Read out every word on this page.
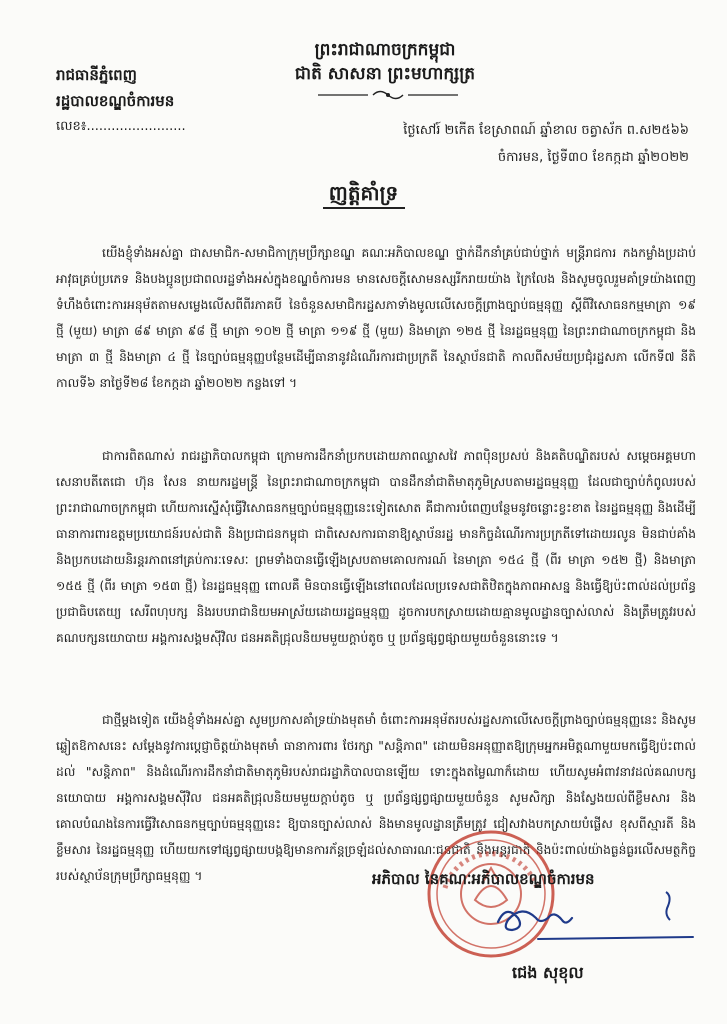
ព្រះរាជាណាចក្រកម្ពុជា
ជាតិ សាសនា ព្រះមហាក្សត្រ
រាជធានីភ្នំពេញ
រដ្ឋបាលខណ្ឌចំការមន
លេខ៖........................	ថ្ងៃសៅរ៍ ២កើត ខែស្រាពណ៍ ឆ្នាំខាល ចត្វាស័ក ព.ស២៥៦៦
ចំការមន, ថ្ងៃទី៣០ ខែកក្កដា ឆ្នាំ២០២២
ញត្តិគាំទ្រ

យើងខ្ញុំទាំងអស់គ្នា ជាសមាជិក-សមាជិកាក្រុមប្រឹក្សាខណ្ឌ គណៈអភិបាលខណ្ឌ ថ្នាក់ដឹកនាំគ្រប់ជាប់ថ្នាក់ មន្ត្រីរាជការ កងកម្លាំងប្រដាប់អាវុធគ្រប់ប្រភេទ និងបងប្អូនប្រជាពលរដ្ឋទាំងអស់ក្នុងខណ្ឌចំការមន មានសេចក្តីសោមនស្សរីករាយយ៉ាង ក្រៃលែង និងសូមចូលរួមគាំទ្រយ៉ាងពេញទំហឹងចំពោះការអនុម័តតាមសម្លេងលើសពីពីរភាគបី នៃចំនួនសមាជិករដ្ឋសភាទាំងមូលលើសេចក្តីព្រាងច្បាប់ធម្មនុញ្ញ ស្តីពីវិសោធនកម្មមាត្រា ១៩ ថ្មី (មួយ) មាត្រា ៨៩ មាត្រា ៩៨ ថ្មី មាត្រា ១០២ ថ្មី មាត្រា ១១៩ ថ្មី (មួយ) និងមាត្រា ១២៥ ថ្មី នៃរដ្ឋធម្មនុញ្ញ នៃព្រះរាជាណាចក្រកម្ពុជា និងមាត្រា ៣ ថ្មី និងមាត្រា ៤ ថ្មី នៃច្បាប់ធម្មនុញ្ញបន្ថែមដើម្បីធានានូវដំណើរការជាប្រក្រតី នៃស្ថាប័នជាតិ កាលពីសម័យប្រជុំរដ្ឋសភា លើកទី៧ នីតិកាលទី៦ នាថ្ងៃទី២៨ ខែកក្កដា ឆ្នាំ២០២២ កន្លងទៅ ។

ជាការពិតណាស់ រាជរដ្ឋាភិបាលកម្ពុជា ក្រោមការដឹកនាំប្រកបដោយភាពឈ្លាសវៃ ភាពប៉ិនប្រសប់ និងគតិបណ្ឌិតរបស់ សម្តេចអគ្គមហាសេនាបតីតេជោ ហ៊ុន សែន នាយករដ្ឋមន្ត្រី នៃព្រះរាជាណាចក្រកម្ពុជា បានដឹកនាំជាតិមាតុភូមិស្របតាមរដ្ឋធម្មនុញ្ញ ដែលជាច្បាប់កំពូលរបស់ព្រះរាជាណាចក្រកម្ពុជា ហើយការស្នើសុំធ្វើវិសោធនកម្មច្បាប់ធម្មនុញ្ញនេះទៀតសោត គឺជាការបំពេញបន្ថែមនូវចន្លោះខ្វះខាត នៃរដ្ឋធម្មនុញ្ញ និងដើម្បីធានាការពារឧត្តមប្រយោជន៍របស់ជាតិ និងប្រជាជនកម្ពុជា ជាពិសេសការធានាឱ្យស្ថាប័នរដ្ឋ មានកិច្ចដំណើរការប្រក្រតីទៅដោយរលូន មិនជាប់គាំង និងប្រកបដោយនិរន្តរភាពនៅគ្រប់ការៈទេសៈ ព្រមទាំងបានធ្វើឡើងស្របតាមគោលការណ៍ នៃមាត្រា ១៥៤ ថ្មី (ពីរ មាត្រា ១៥២ ថ្មី) និងមាត្រា ១៥៥ ថ្មី (ពីរ មាត្រា ១៥៣ ថ្មី) នៃរដ្ឋធម្មនុញ្ញ ពោលគឺ មិនបានធ្វើឡើងនៅពេលដែលប្រទេសជាតិឋិតក្នុងភាពអាសន្ន និងធ្វើឱ្យប៉ះពាល់ដល់ប្រព័ន្ធប្រជាធិបតេយ្យ សេរីពហុបក្ស និងរបបរាជានិយមអាស្រ័យដោយរដ្ឋធម្មនុញ្ញ ដូចការបកស្រាយដោយគ្មានមូលដ្ឋានច្បាស់លាស់ និងត្រឹមត្រូវរបស់គណបក្សនយោបាយ អង្គការសង្គមស៊ីវិល ជនអគតិជ្រុលនិយមមួយក្តាប់តូច ឬ ប្រព័ន្ធផ្សព្វផ្សាយមួយចំនួននោះទេ ។

ជាថ្មីម្តងទៀត យើងខ្ញុំទាំងអស់គ្នា សូមប្រកាសគាំទ្រយ៉ាងមុតមាំ ចំពោះការអនុម័តរបស់រដ្ឋសភាលើសេចក្តីព្រាងច្បាប់ធម្មនុញ្ញនេះ និងសូមឆ្លៀតឱកាសនេះ សម្តែងនូវការប្តេជ្ញាចិត្តយ៉ាងមុតមាំ ធានាការពារ ថែរក្សា "សន្តិភាព" ដោយមិនអនុញ្ញាតឱ្យក្រុមអ្នកអមិត្តណាមួយមកធ្វើឱ្យប៉ះពាល់ដល់ "សន្តិភាព" និងដំណើរការដឹកនាំជាតិមាតុភូមិរបស់រាជរដ្ឋាភិបាលបានឡើយ ទោះក្នុងតម្លៃណាក៏ដោយ ហើយសូមអំពាវនាវដល់គណបក្សនយោបាយ អង្គការសង្គមស៊ីវិល ជនអគតិជ្រុលនិយមមួយក្តាប់តូច ឬ ប្រព័ន្ធផ្សព្វផ្សាយមួយចំនួន សូមសិក្សា និងស្វែងយល់ពីខ្លឹមសារ និងគោលបំណងនៃការធ្វើវិសោធនកម្មច្បាប់ធម្មនុញ្ញនេះ ឱ្យបានច្បាស់លាស់ និងមានមូលដ្ឋានត្រឹមត្រូវ ជៀសវាងបកស្រាយបំផ្លើស ខុសពីស្មារតី និងខ្លឹមសារ នៃរដ្ឋធម្មនុញ្ញ ហើយយកទៅផ្សព្វផ្សាយបង្កឱ្យមានការភ័ន្តច្រឡំដល់សាធារណៈជនជាតិ និងអន្តរជាតិ និងប៉ះពាល់យ៉ាងធ្ងន់ធ្ងរលើសមត្ថកិច្ចរបស់ស្ថាប័នក្រុមប្រឹក្សាធម្មនុញ្ញ ។	អភិបាល នៃគណៈអភិបាលខណ្ឌចំការមន
ជេង សុខុល
